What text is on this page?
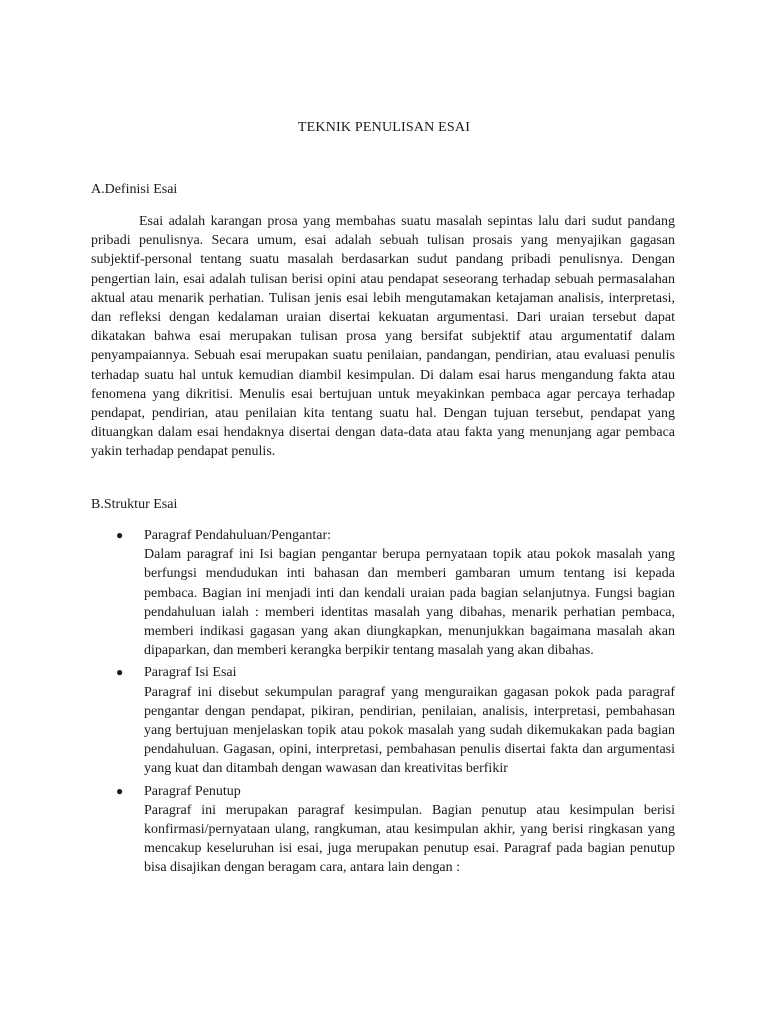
TEKNIK PENULISAN ESAI
A.Definisi Esai

Esai adalah karangan prosa yang membahas suatu masalah sepintas lalu dari sudut pandang pribadi penulisnya. Secara umum, esai adalah sebuah tulisan prosais yang menyajikan gagasan subjektif-personal tentang suatu masalah berdasarkan sudut pandang pribadi penulisnya. Dengan pengertian lain, esai adalah tulisan berisi opini atau pendapat seseorang terhadap sebuah permasalahan aktual atau menarik perhatian. Tulisan jenis esai lebih mengutamakan ketajaman analisis, interpretasi, dan refleksi dengan kedalaman uraian disertai kekuatan argumentasi. Dari uraian tersebut dapat dikatakan bahwa esai merupakan tulisan prosa yang bersifat subjektif atau argumentatif dalam penyampaiannya. Sebuah esai merupakan suatu penilaian, pandangan, pendirian, atau evaluasi penulis terhadap suatu hal untuk kemudian diambil kesimpulan. Di dalam esai harus mengandung fakta atau fenomena yang dikritisi. Menulis esai bertujuan untuk meyakinkan pembaca agar percaya terhadap pendapat, pendirian, atau penilaian kita tentang suatu hal. Dengan tujuan tersebut, pendapat yang dituangkan dalam esai hendaknya disertai dengan data-data atau fakta yang menunjang agar pembaca yakin terhadap pendapat penulis.

B.Struktur Esai
● Paragraf Pendahuluan/Pengantar:
Dalam paragraf ini Isi bagian pengantar berupa pernyataan topik atau pokok masalah yang berfungsi mendudukan inti bahasan dan memberi gambaran umum tentang isi kepada pembaca. Bagian ini menjadi inti dan kendali uraian pada bagian selanjutnya. Fungsi bagian pendahuluan ialah : memberi identitas masalah yang dibahas, menarik perhatian pembaca, memberi indikasi gagasan yang akan diungkapkan, menunjukkan bagaimana masalah akan dipaparkan, dan memberi kerangka berpikir tentang masalah yang akan dibahas.
● Paragraf Isi Esai
Paragraf ini disebut sekumpulan paragraf yang menguraikan gagasan pokok pada paragraf pengantar dengan pendapat, pikiran, pendirian, penilaian, analisis, interpretasi, pembahasan yang bertujuan menjelaskan topik atau pokok masalah yang sudah dikemukakan pada bagian pendahuluan. Gagasan, opini, interpretasi, pembahasan penulis disertai fakta dan argumentasi yang kuat dan ditambah dengan wawasan dan kreativitas berfikir
● Paragraf Penutup
Paragraf ini merupakan paragraf kesimpulan. Bagian penutup atau kesimpulan berisi konfirmasi/pernyataan ulang, rangkuman, atau kesimpulan akhir, yang berisi ringkasan yang mencakup keseluruhan isi esai, juga merupakan penutup esai. Paragraf pada bagian penutup bisa disajikan dengan beragam cara, antara lain dengan :
